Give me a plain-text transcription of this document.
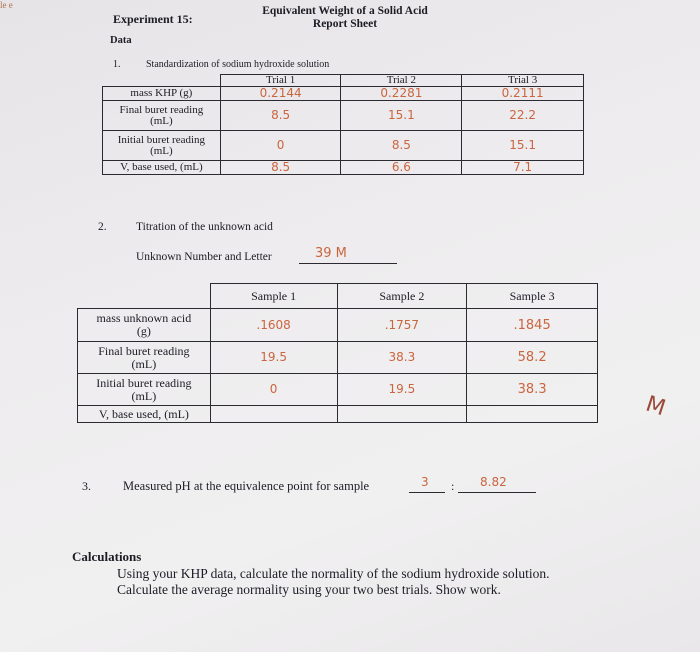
le e
Experiment 15:
Equivalent Weight of a Solid Acid
Report Sheet
Data
1.	Standardization of sodium hydroxide solution
	Trial 1	Trial 2	Trial 3
mass KHP (g)	0.2144	0.2281	0.2111
Final buret reading
(mL)	8.5	15.1	22.2
Initial buret reading
(mL)	0	8.5	15.1
V, base used, (mL)	8.5	6.6	7.1
2.	Titration of the unknown acid
Unknown Number and Letter	39 M
	Sample 1	Sample 2	Sample 3
mass unknown acid
(g)	.1608	.1757	.1845
Final buret reading
(mL)	19.5	38.3	58.2
Initial buret reading
(mL)	0	19.5	38.3
V, base used, (mL)				M
3.	Measured pH at the equivalence point for sample	3 : 8.82
Calculations
Using your KHP data, calculate the normality of the sodium hydroxide solution.
Calculate the average normality using your two best trials. Show work.
